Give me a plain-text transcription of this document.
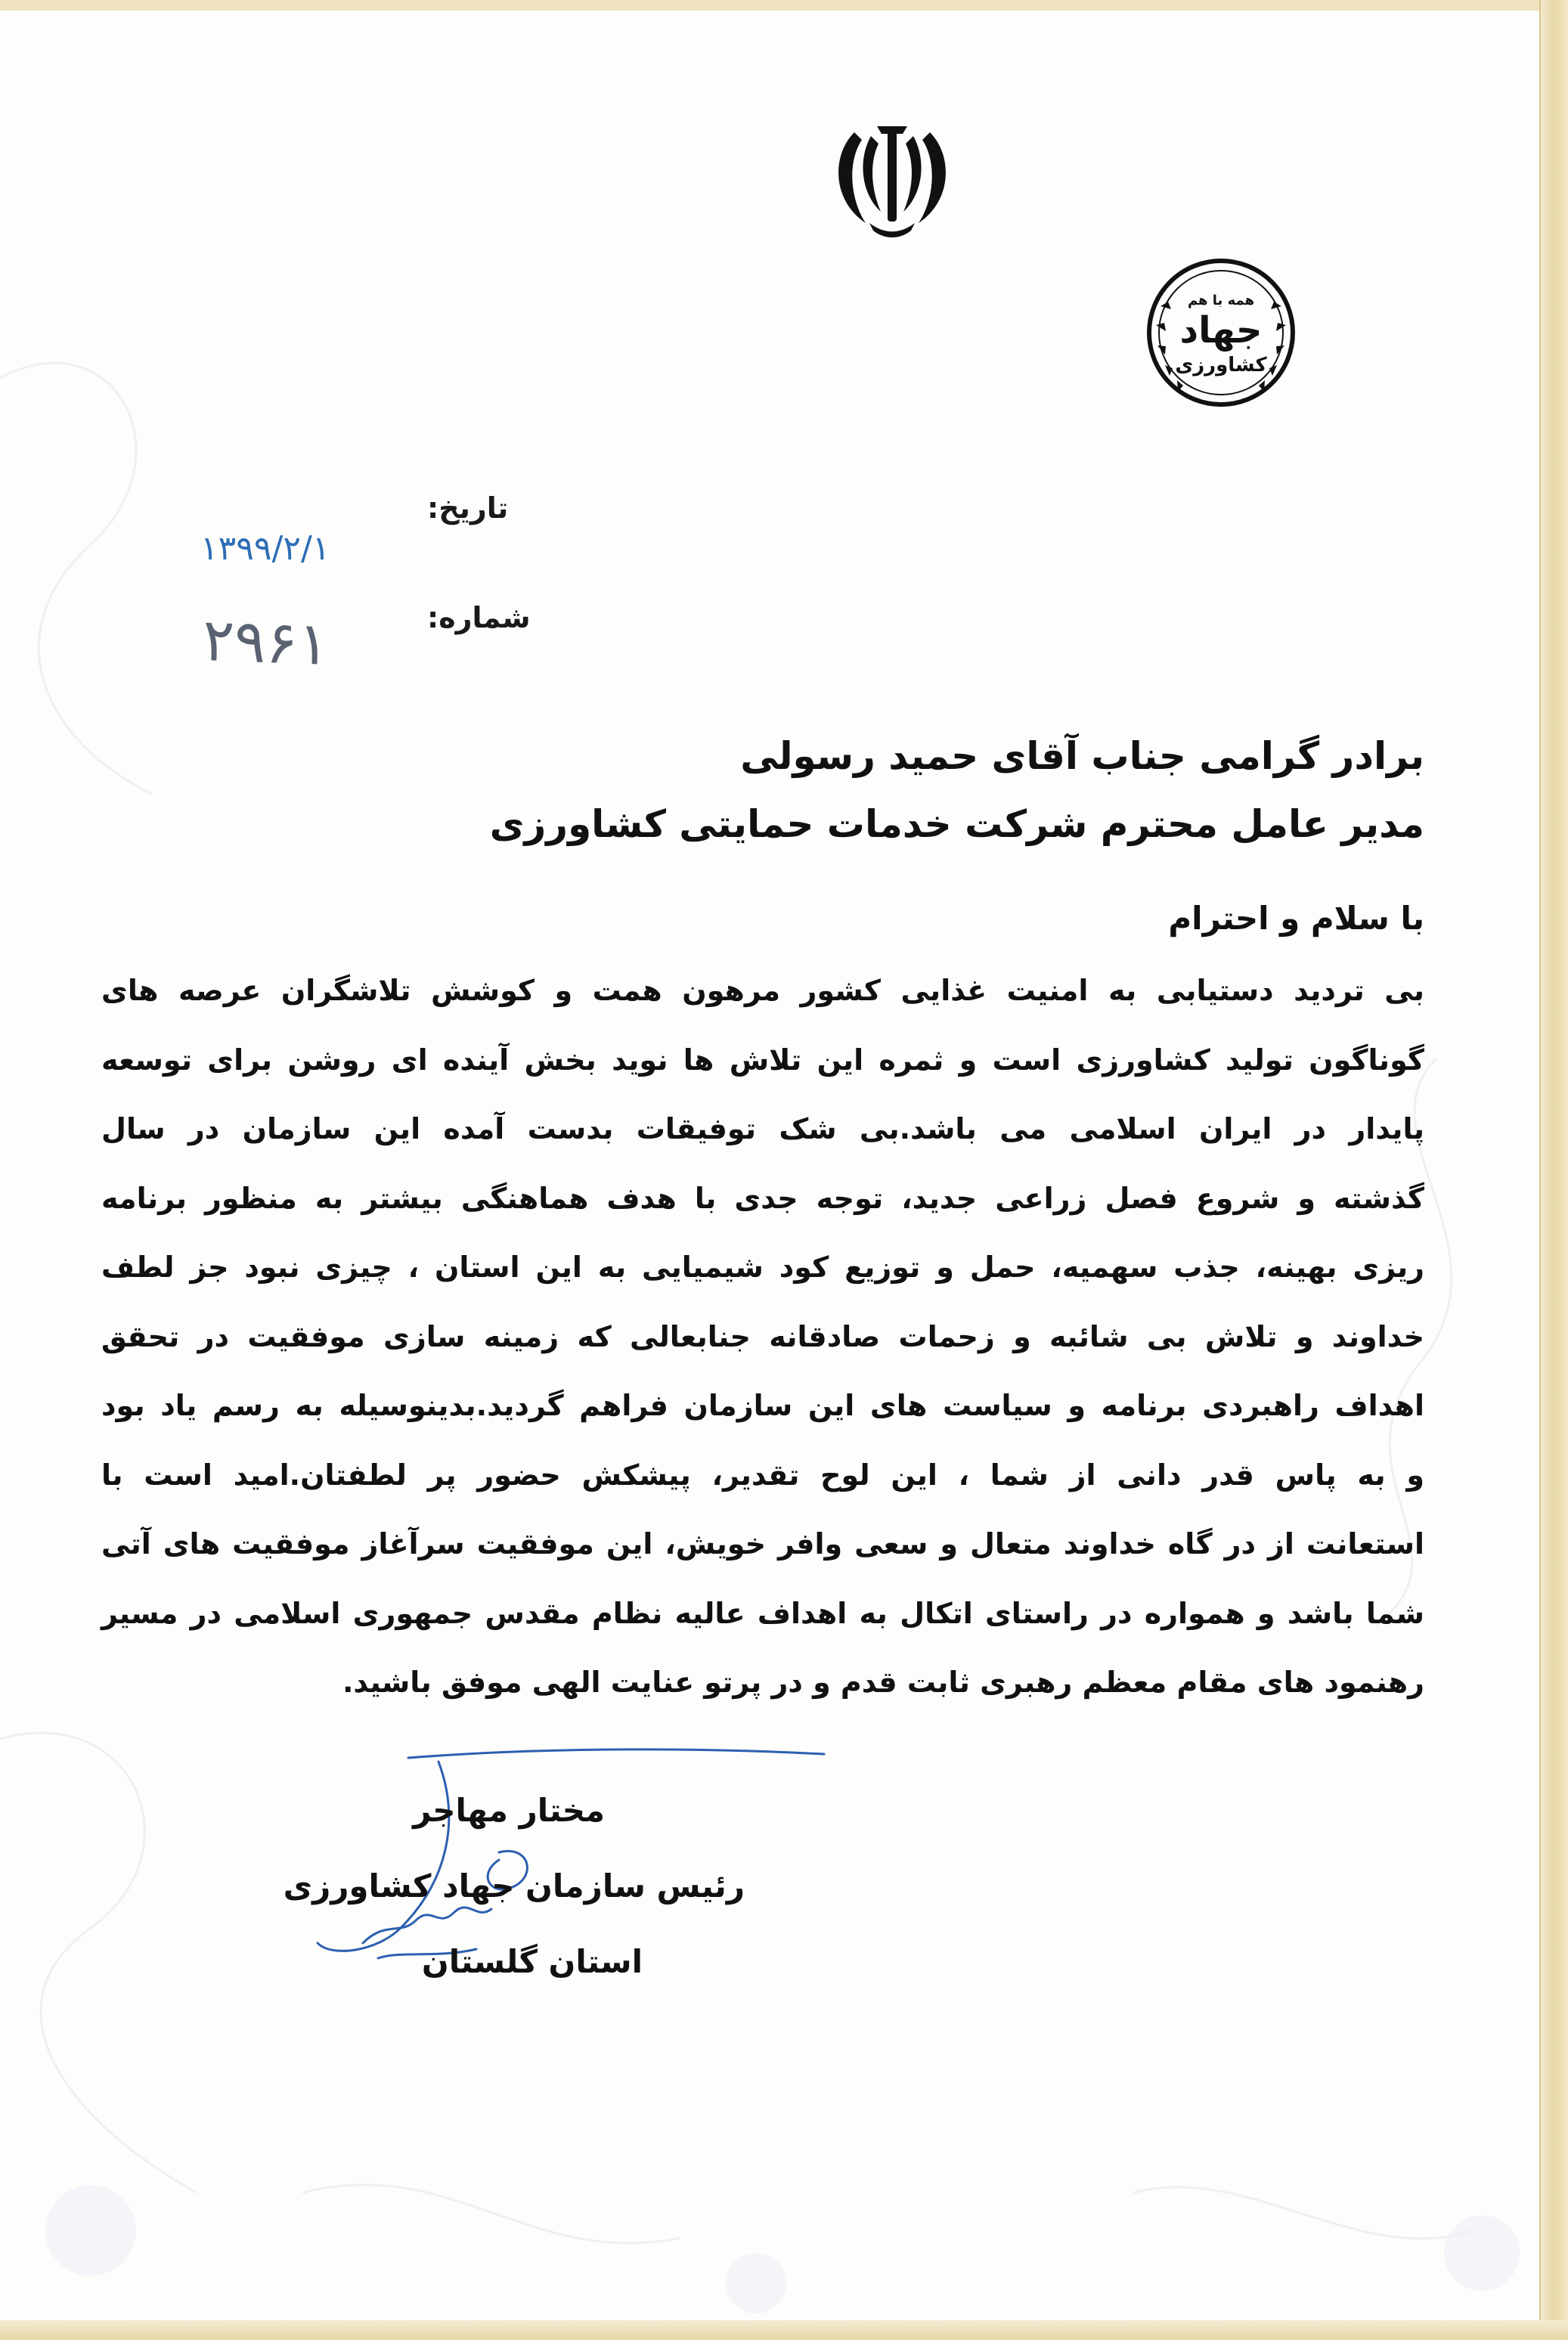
همه با هم
جهاد
کشاورزی
تاریخ:
۱۳۹۹/۲/۱
شماره:
۲۹۶۱
برادر گرامی جناب آقای حمید رسولی
مدیر عامل محترم شرکت خدمات حمایتی کشاورزی
با سلام و احترام
بی تردید دستیابی به امنیت غذایی کشور مرهون همت و کوشش تلاشگران عرصه های
گوناگون تولید کشاورزی است و ثمره این تلاش ها نوید بخش آینده ای روشن برای توسعه
پایدار در ایران اسلامی می باشد.بی شک توفیقات بدست آمده این سازمان در سال
گذشته و شروع فصل زراعی جدید، توجه جدی با هدف هماهنگی بیشتر به منظور برنامه
ریزی بهینه، جذب سهمیه، حمل و توزیع کود شیمیایی به این استان ، چیزی نبود جز لطف
خداوند و تلاش بی شائبه و زحمات صادقانه جنابعالی که زمینه سازی موفقیت در تحقق
اهداف راهبردی برنامه و سیاست های این سازمان فراهم گردید.بدینوسیله به رسم یاد بود
و به پاس قدر دانی از شما ، این لوح تقدیر، پیشکش حضور پر لطفتان.امید است با
استعانت از در گاه خداوند متعال و سعی وافر خویش، این موفقیت سرآغاز موفقیت های آتی
شما باشد و همواره در راستای اتکال به اهداف عالیه نظام مقدس جمهوری اسلامی در مسیر
رهنمود های مقام معظم رهبری ثابت قدم و در پرتو عنایت الهی موفق باشید.
مختار مهاجر
رئیس سازمان جهاد کشاورزی
استان گلستان
